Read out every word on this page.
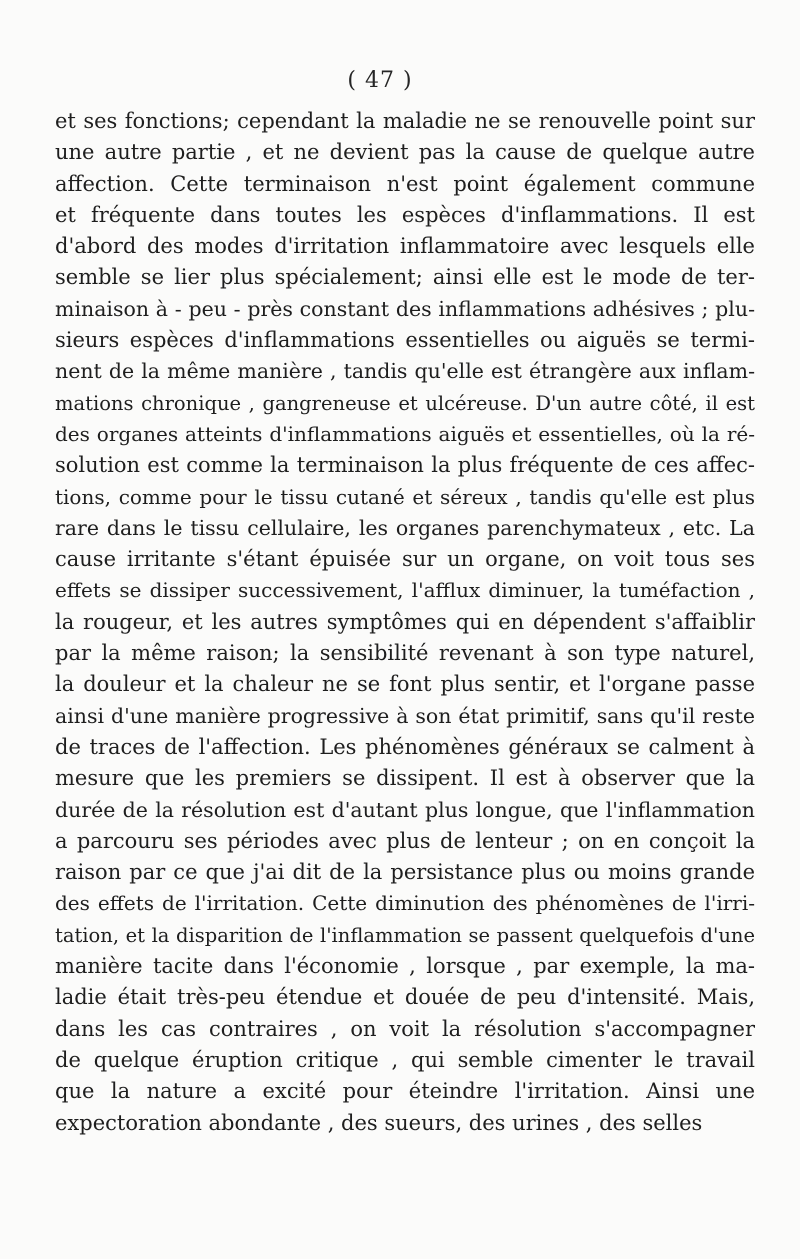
( 47 )
et ses fonctions; cependant la maladie ne se renouvelle point sur
une autre partie , et ne devient pas la cause de quelque autre
affection. Cette terminaison n'est point également commune
et fréquente dans toutes les espèces d'inflammations. Il est
d'abord des modes d'irritation inflammatoire avec lesquels elle
semble se lier plus spécialement; ainsi elle est le mode de ter-
minaison à - peu - près constant des inflammations adhésives ; plu-
sieurs espèces d'inflammations essentielles ou aiguës se termi-
nent de la même manière , tandis qu'elle est étrangère aux inflam-
mations chronique , gangreneuse et ulcéreuse. D'un autre côté, il est
des organes atteints d'inflammations aiguës et essentielles, où la ré-
solution est comme la terminaison la plus fréquente de ces affec-
tions, comme pour le tissu cutané et séreux , tandis qu'elle est plus
rare dans le tissu cellulaire, les organes parenchymateux , etc. La
cause irritante s'étant épuisée sur un organe, on voit tous ses
effets se dissiper successivement, l'afflux diminuer, la tuméfaction ,
la rougeur, et les autres symptômes qui en dépendent s'affaiblir
par la même raison; la sensibilité revenant à son type naturel,
la douleur et la chaleur ne se font plus sentir, et l'organe passe
ainsi d'une manière progressive à son état primitif, sans qu'il reste
de traces de l'affection. Les phénomènes généraux se calment à
mesure que les premiers se dissipent. Il est à observer que la
durée de la résolution est d'autant plus longue, que l'inflammation
a parcouru ses périodes avec plus de lenteur ; on en conçoit la
raison par ce que j'ai dit de la persistance plus ou moins grande
des effets de l'irritation. Cette diminution des phénomènes de l'irri-
tation, et la disparition de l'inflammation se passent quelquefois d'une
manière tacite dans l'économie , lorsque , par exemple, la ma-
ladie était très-peu étendue et douée de peu d'intensité. Mais,
dans les cas contraires , on voit la résolution s'accompagner
de quelque éruption critique , qui semble cimenter le travail
que la nature a excité pour éteindre l'irritation. Ainsi une
expectoration abondante , des sueurs, des urines , des selles
